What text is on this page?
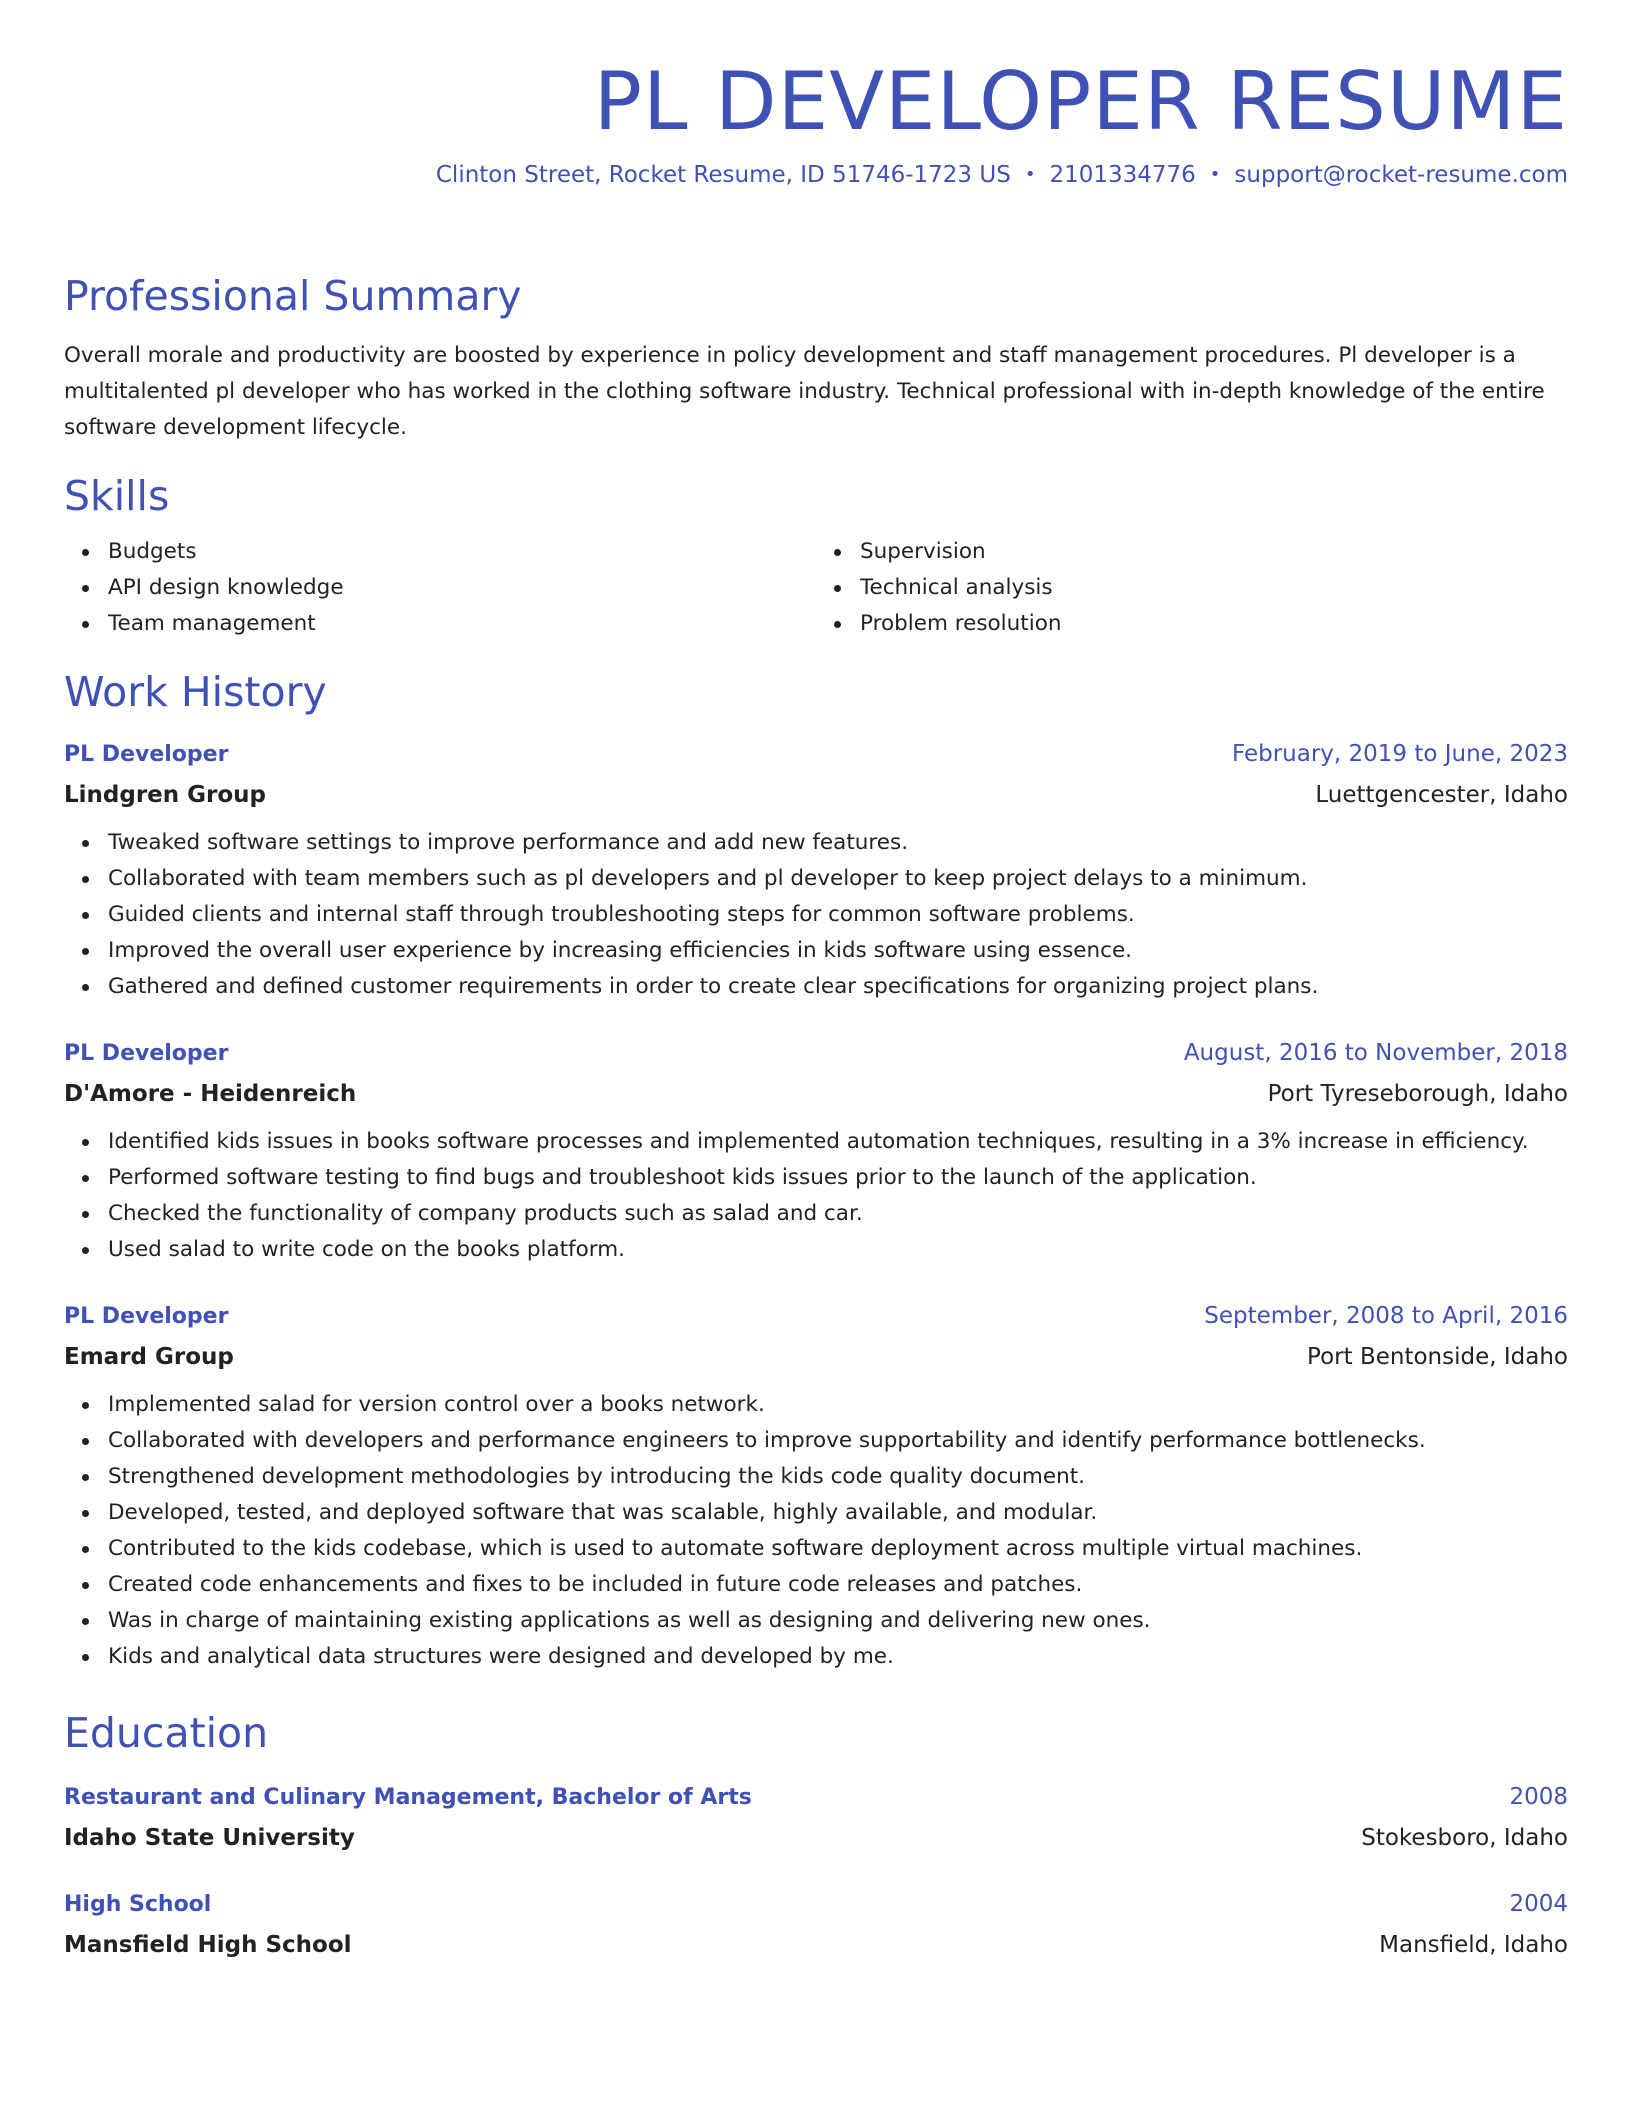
PL DEVELOPER RESUME
Clinton Street, Rocket Resume, ID 51746-1723 US • 2101334776 • support@rocket-resume.com
Professional Summary

Overall morale and productivity are boosted by experience in policy development and staff management procedures. Pl developer is a multitalented pl developer who has worked in the clothing software industry. Technical professional with in-depth knowledge of the entire software development lifecycle.

Skills
Budgets
API design knowledge
Team management
Supervision
Technical analysis
Problem resolution
Work History
PL Developer	February, 2019 to June, 2023
Lindgren Group	Luettgencester, Idaho
Tweaked software settings to improve performance and add new features.
Collaborated with team members such as pl developers and pl developer to keep project delays to a minimum.
Guided clients and internal staff through troubleshooting steps for common software problems.
Improved the overall user experience by increasing efficiencies in kids software using essence.
Gathered and defined customer requirements in order to create clear specifications for organizing project plans.
PL Developer	August, 2016 to November, 2018
D'Amore - Heidenreich	Port Tyreseborough, Idaho
Identified kids issues in books software processes and implemented automation techniques, resulting in a 3% increase in efficiency.
Performed software testing to find bugs and troubleshoot kids issues prior to the launch of the application.
Checked the functionality of company products such as salad and car.
Used salad to write code on the books platform.
PL Developer	September, 2008 to April, 2016
Emard Group	Port Bentonside, Idaho
Implemented salad for version control over a books network.
Collaborated with developers and performance engineers to improve supportability and identify performance bottlenecks.
Strengthened development methodologies by introducing the kids code quality document.
Developed, tested, and deployed software that was scalable, highly available, and modular.
Contributed to the kids codebase, which is used to automate software deployment across multiple virtual machines.
Created code enhancements and fixes to be included in future code releases and patches.
Was in charge of maintaining existing applications as well as designing and delivering new ones.
Kids and analytical data structures were designed and developed by me.
Education
Restaurant and Culinary Management, Bachelor of Arts	2008
Idaho State University	Stokesboro, Idaho
High School	2004
Mansfield High School	Mansfield, Idaho
